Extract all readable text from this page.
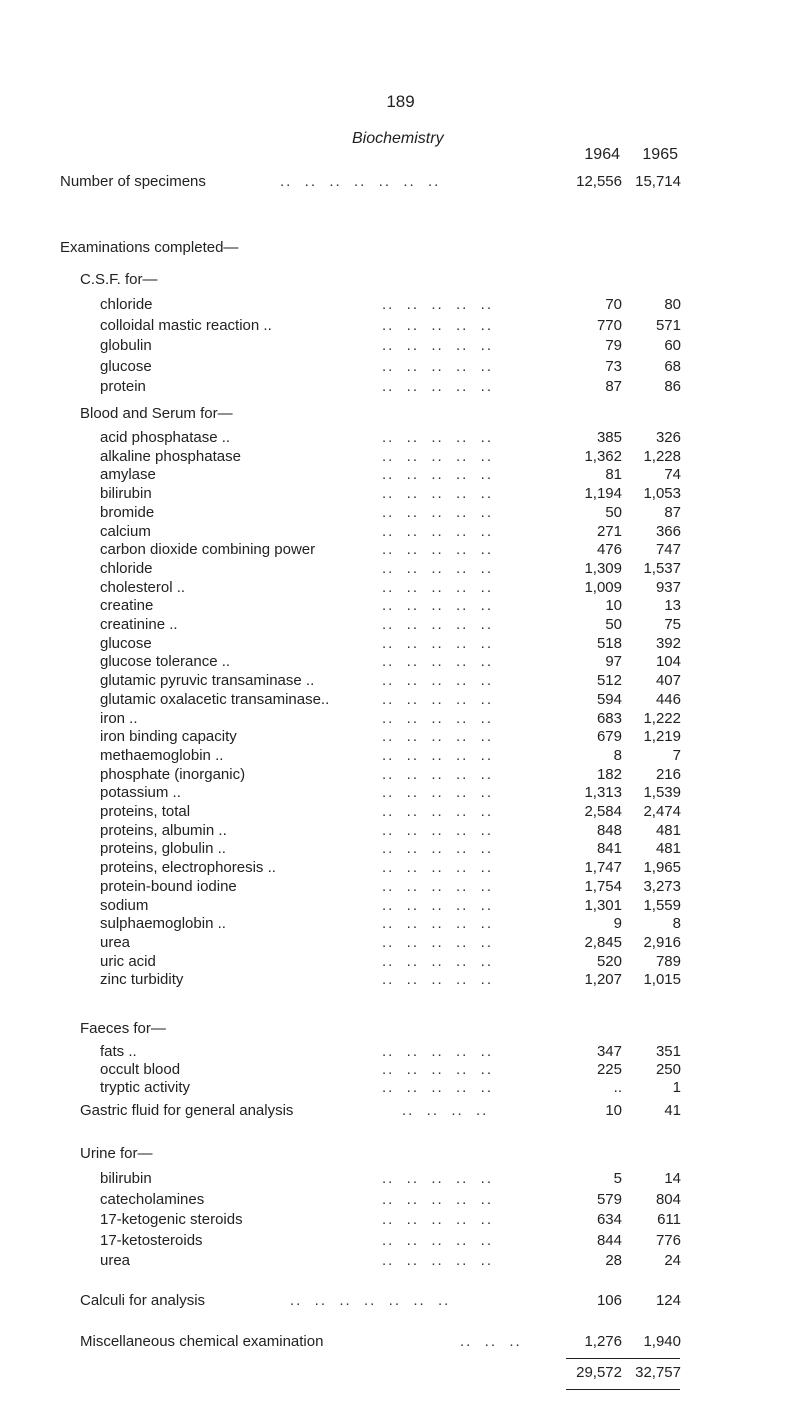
189
Biochemistry
1964	1965
Number of specimens	..  ..  ..  ..  ..  ..  ..	12,556 15,714
Examinations completed—
C.S.F. for—
chloride	..  ..  ..  ..  ..	70	80
colloidal mastic reaction ..	..  ..  ..  ..  ..	770	571
globulin	..  ..  ..  ..  ..	79	60
glucose	..  ..  ..  ..  ..	73	68
protein	..  ..  ..  ..  ..	87	86
Blood and Serum for—
acid phosphatase ..	..  ..  ..  ..  ..	385	326
alkaline phosphatase	..  ..  ..  ..  ..	1,362	1,228
amylase	..  ..  ..  ..  ..	81	74
bilirubin	..  ..  ..  ..  ..	1,194	1,053
bromide	..  ..  ..  ..  ..	50	87
calcium	..  ..  ..  ..  ..	271	366
carbon dioxide combining power	..  ..  ..  ..  ..	476	747
chloride	..  ..  ..  ..  ..	1,309	1,537
cholesterol ..	..  ..  ..  ..  ..	1,009	937
creatine	..  ..  ..  ..  ..	10	13
creatinine ..	..  ..  ..  ..  ..	50	75
glucose	..  ..  ..  ..  ..	518	392
glucose tolerance ..	..  ..  ..  ..  ..	97	104
glutamic pyruvic transaminase ..	..  ..  ..  ..  ..	512	407
glutamic oxalacetic transaminase..	..  ..  ..  ..  ..	594	446
iron ..	..  ..  ..  ..  ..	683	1,222
iron binding capacity	..  ..  ..  ..  ..	679	1,219
methaemoglobin ..	..  ..  ..  ..  ..	8	7
phosphate (inorganic)	..  ..  ..  ..  ..	182	216
potassium ..	..  ..  ..  ..  ..	1,313	1,539
proteins, total	..  ..  ..  ..  ..	2,584	2,474
proteins, albumin ..	..  ..  ..  ..  ..	848	481
proteins, globulin ..	..  ..  ..  ..  ..	841	481
proteins, electrophoresis ..	..  ..  ..  ..  ..	1,747	1,965
protein-bound iodine	..  ..  ..  ..  ..	1,754	3,273
sodium	..  ..  ..  ..  ..	1,301	1,559
sulphaemoglobin ..	..  ..  ..  ..  ..	9	8
urea	..  ..  ..  ..  ..	2,845	2,916
uric acid	..  ..  ..  ..  ..	520	789
zinc turbidity	..  ..  ..  ..  ..	1,207	1,015
Faeces for—
fats ..	..  ..  ..  ..  ..	347	351
occult blood	..  ..  ..  ..  ..	225	250
tryptic activity	..  ..  ..  ..  ..	..	1
Gastric fluid for general analysis	..  ..  ..  ..	10	41
Urine for—
bilirubin	..  ..  ..  ..  ..	5	14
catecholamines	..  ..  ..  ..  ..	579	804
17-ketogenic steroids	..  ..  ..  ..  ..	634	611
17-ketosteroids	..  ..  ..  ..  ..	844	776
urea	..  ..  ..  ..  ..	28	24
Calculi for analysis	..  ..  ..  ..  ..  ..  ..	106	124
Miscellaneous chemical examination	..  ..  ..	1,276	1,940
29,572 32,757
